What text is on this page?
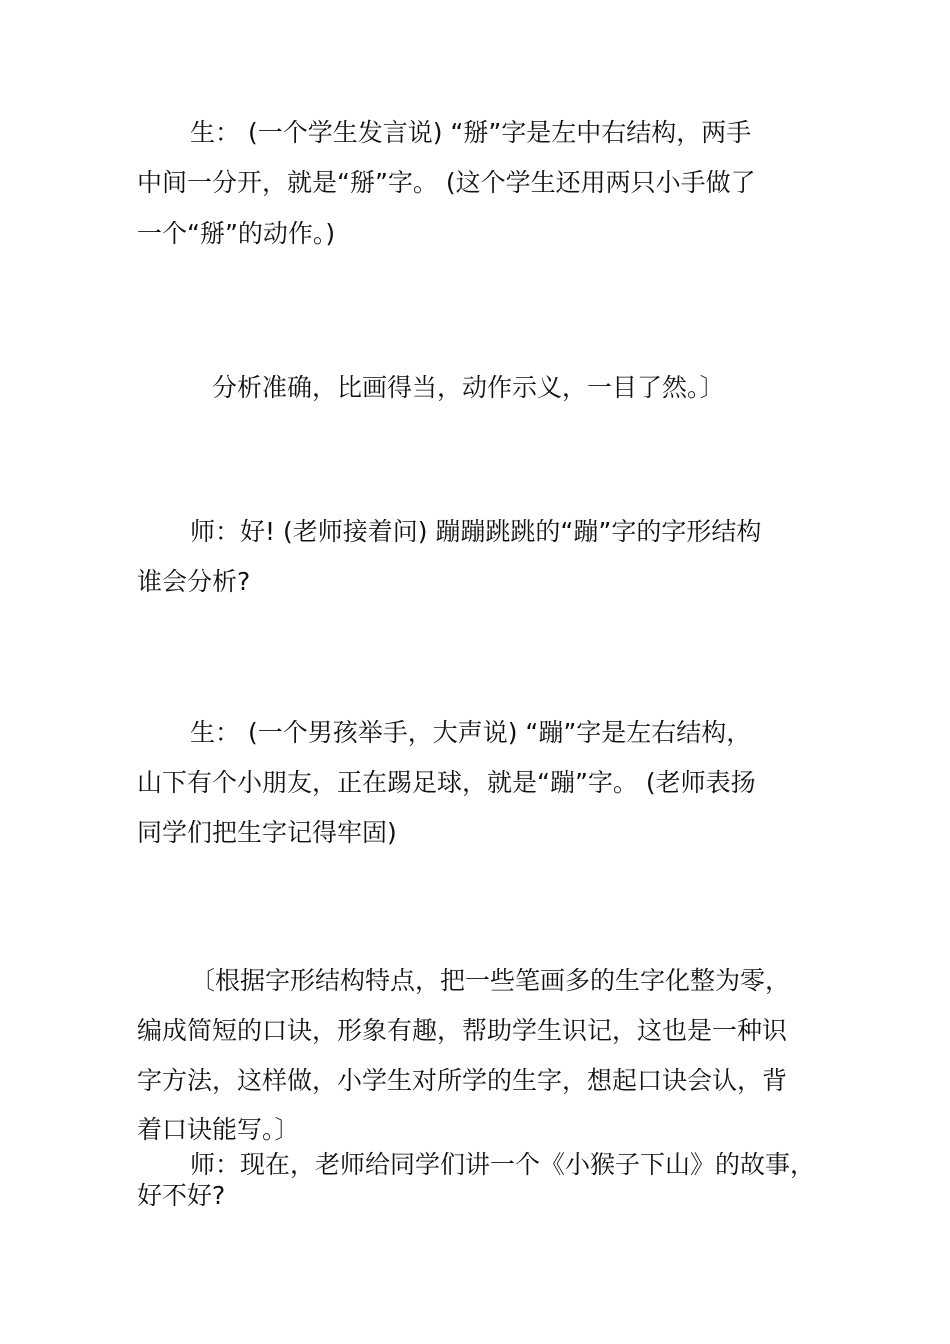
生： (一个学生发言说) “掰”字是左中右结构，两手

中间一分开，就是“掰”字。 (这个学生还用两只小手做了

一个“掰”的动作。)

分析准确，比画得当，动作示义，一目了然。〕

师：好! (老师接着问) 蹦蹦跳跳的“蹦”字的字形结构

谁会分析?

生： (一个男孩举手，大声说) “蹦”字是左右结构，

山下有个小朋友，正在踢足球，就是“蹦”字。 (老师表扬

同学们把生字记得牢固)

〔根据字形结构特点，把一些笔画多的生字化整为零，

编成简短的口诀，形象有趣，帮助学生识记，这也是一种识

字方法，这样做，小学生对所学的生字，想起口诀会认，背

着口诀能写。〕

师：现在，老师给同学们讲一个《小猴子下山》的故事，

好不好?
